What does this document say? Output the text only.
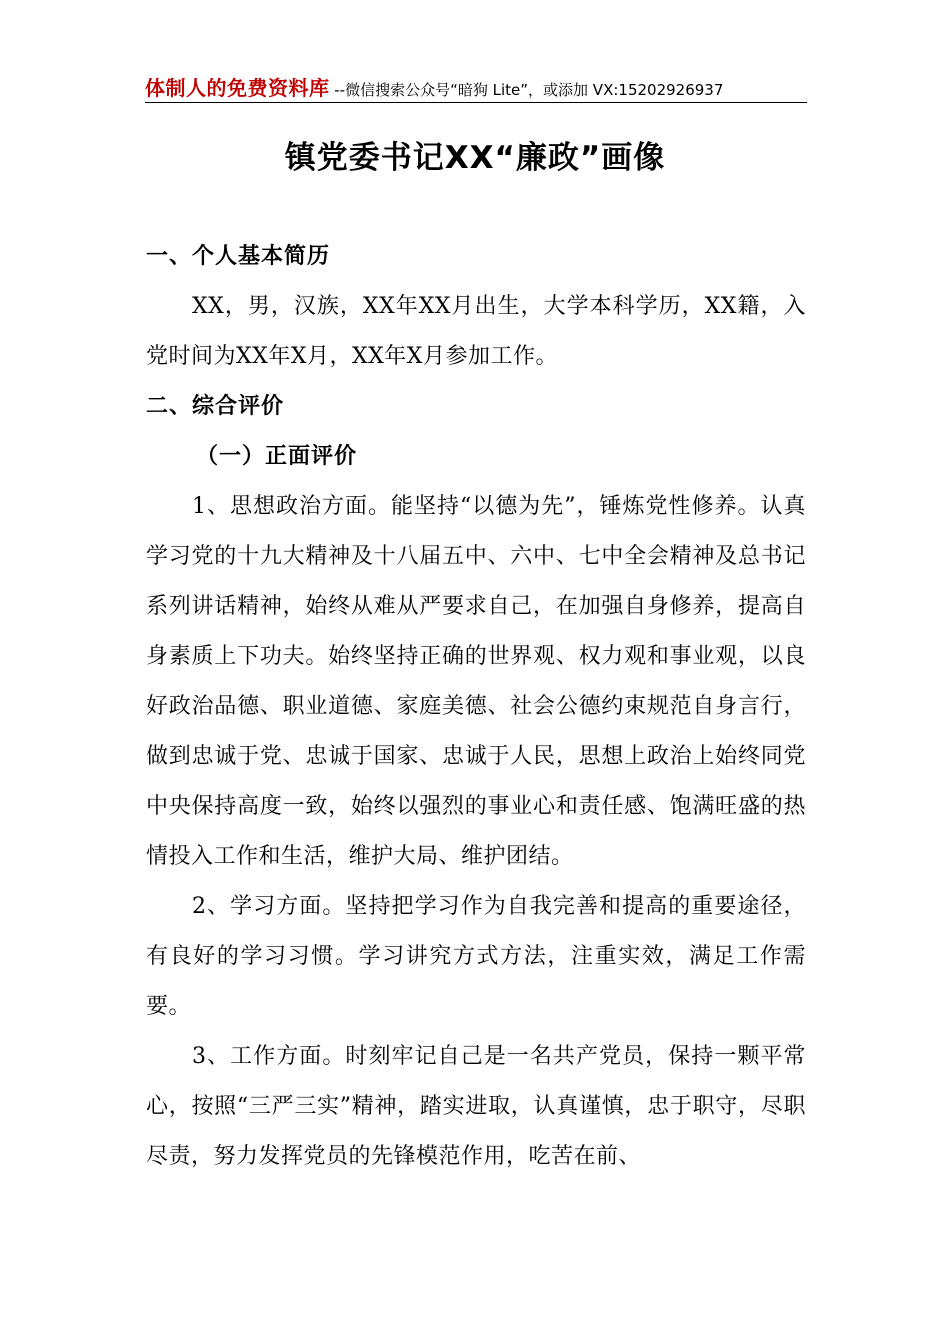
体制人的免费资料库 --微信搜索公众号“暗狗 Lite”，或添加 VX:15202926937
镇党委书记XX“廉政”画像

一、个人基本简历

XX，男，汉族，XX年XX月出生，大学本科学历，XX籍，入党时间为XX年X月，XX年X月参加工作。

二、综合评价

（一）正面评价

1、思想政治方面。能坚持“以德为先”，锤炼党性修养。认真学习党的十九大精神及十八届五中、六中、七中全会精神及总书记系列讲话精神，始终从难从严要求自己，在加强自身修养，提高自身素质上下功夫。始终坚持正确的世界观、权力观和事业观，以良好政治品德、职业道德、家庭美德、社会公德约束规范自身言行，做到忠诚于党、忠诚于国家、忠诚于人民，思想上政治上始终同党中央保持高度一致，始终以强烈的事业心和责任感、饱满旺盛的热情投入工作和生活，维护大局、维护团结。

2、学习方面。坚持把学习作为自我完善和提高的重要途径，有良好的学习习惯。学习讲究方式方法，注重实效，满足工作需要。

3、工作方面。时刻牢记自己是一名共产党员，保持一颗平常心，按照“三严三实”精神，踏实进取，认真谨慎，忠于职守，尽职尽责，努力发挥党员的先锋模范作用，吃苦在前、
